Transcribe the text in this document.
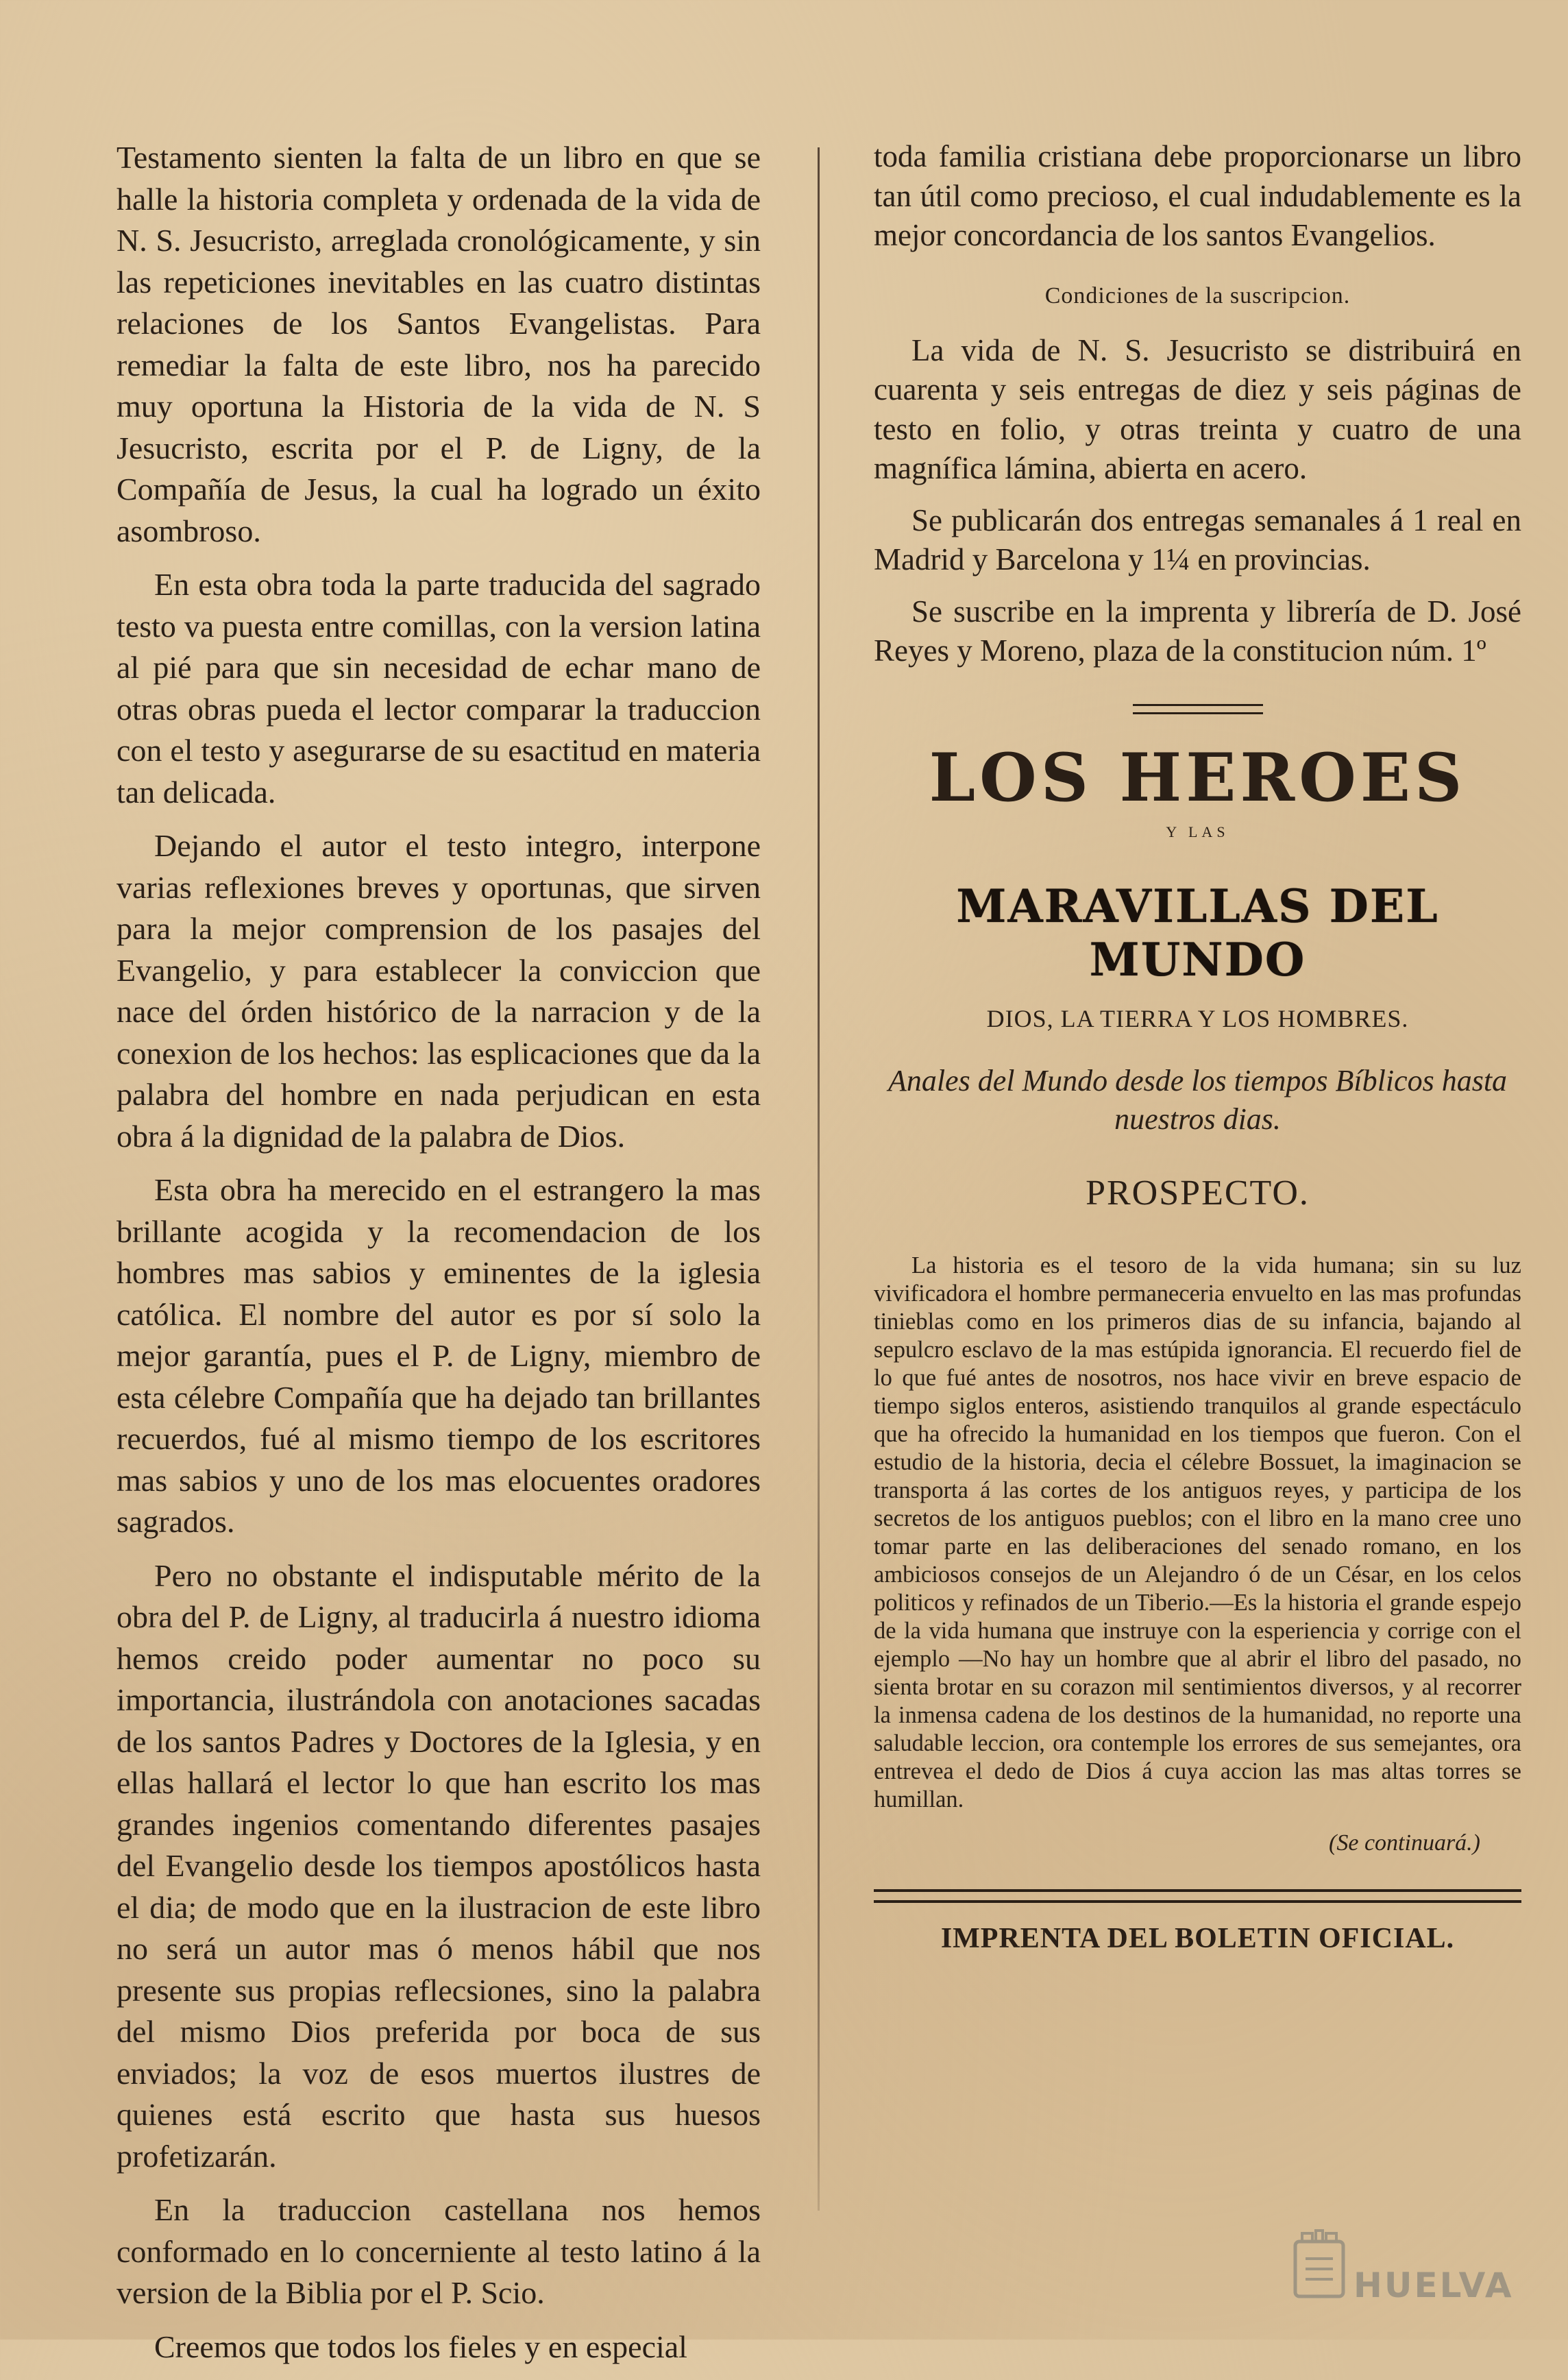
Testamento sienten la falta de un libro en que se halle la historia completa y ordenada de la vida de N. S. Jesucristo, arreglada cronológicamente, y sin las repeticiones inevitables en las cuatro distintas relaciones de los Santos Evangelistas. Para remediar la falta de este libro, nos ha parecido muy oportuna la Historia de la vida de N. S Jesucristo, escrita por el P. de Ligny, de la Compañía de Jesus, la cual ha logrado un éxito asombroso.

En esta obra toda la parte traducida del sagrado testo va puesta entre comillas, con la version latina al pié para que sin necesidad de echar mano de otras obras pueda el lector comparar la traduccion con el testo y asegurarse de su esactitud en materia tan delicada.

Dejando el autor el testo integro, interpone varias reflexiones breves y oportunas, que sirven para la mejor comprension de los pasajes del Evangelio, y para establecer la conviccion que nace del órden histórico de la narracion y de la conexion de los hechos: las esplicaciones que da la palabra del hombre en nada perjudican en esta obra á la dignidad de la palabra de Dios.

Esta obra ha merecido en el estrangero la mas brillante acogida y la recomendacion de los hombres mas sabios y eminentes de la iglesia católica. El nombre del autor es por sí solo la mejor garantía, pues el P. de Ligny, miembro de esta célebre Compañía que ha dejado tan brillantes recuerdos, fué al mismo tiempo de los escritores mas sabios y uno de los mas elocuentes oradores sagrados.

Pero no obstante el indisputable mérito de la obra del P. de Ligny, al traducirla á nuestro idioma hemos creido poder aumentar no poco su importancia, ilustrándola con anotaciones sacadas de los santos Padres y Doctores de la Iglesia, y en ellas hallará el lector lo que han escrito los mas grandes ingenios comentando diferentes pasajes del Evangelio desde los tiempos apostólicos hasta el dia; de modo que en la ilustracion de este libro no será un autor mas ó menos hábil que nos presente sus propias reflecsiones, sino la palabra del mismo Dios preferida por boca de sus enviados; la voz de esos muertos ilustres de quienes está escrito que hasta sus huesos profetizarán.

En la traduccion castellana nos hemos conformado en lo concerniente al testo latino á la version de la Biblia por el P. Scio.

Creemos que todos los fieles y en especial

toda familia cristiana debe proporcionarse un libro tan útil como precioso, el cual indudablemente es la mejor concordancia de los santos Evangelios.

Condiciones de la suscripcion.

La vida de N. S. Jesucristo se distribuirá en cuarenta y seis entregas de diez y seis páginas de testo en folio, y otras treinta y cuatro de una magnífica lámina, abierta en acero.

Se publicarán dos entregas semanales á 1 real en Madrid y Barcelona y 1¼ en provincias.

Se suscribe en la imprenta y librería de D. José Reyes y Moreno, plaza de la constitucion núm. 1º

LOS HEROES
Y LAS
MARAVILLAS DEL MUNDO
DIOS, LA TIERRA Y LOS HOMBRES.
Anales del Mundo desde los tiempos Bíblicos hasta nuestros dias.
PROSPECTO.

La historia es el tesoro de la vida humana; sin su luz vivificadora el hombre permaneceria envuelto en las mas profundas tinieblas como en los primeros dias de su infancia, bajando al sepulcro esclavo de la mas estúpida ignorancia. El recuerdo fiel de lo que fué antes de nosotros, nos hace vivir en breve espacio de tiempo siglos enteros, asistiendo tranquilos al grande espectáculo que ha ofrecido la humanidad en los tiempos que fueron. Con el estudio de la historia, decia el célebre Bossuet, la imaginacion se transporta á las cortes de los antiguos reyes, y participa de los secretos de los antiguos pueblos; con el libro en la mano cree uno tomar parte en las deliberaciones del senado romano, en los ambiciosos consejos de un Alejandro ó de un César, en los celos politicos y refinados de un Tiberio.—Es la historia el grande espejo de la vida humana que instruye con la esperiencia y corrige con el ejemplo —No hay un hombre que al abrir el libro del pasado, no sienta brotar en su corazon mil sentimientos diversos, y al recorrer la inmensa cadena de los destinos de la humanidad, no reporte una saludable leccion, ora contemple los errores de sus semejantes, ora entrevea el dedo de Dios á cuya accion las mas altas torres se humillan.

(Se continuará.)
IMPRENTA DEL BOLETIN OFICIAL.
HUELVA
